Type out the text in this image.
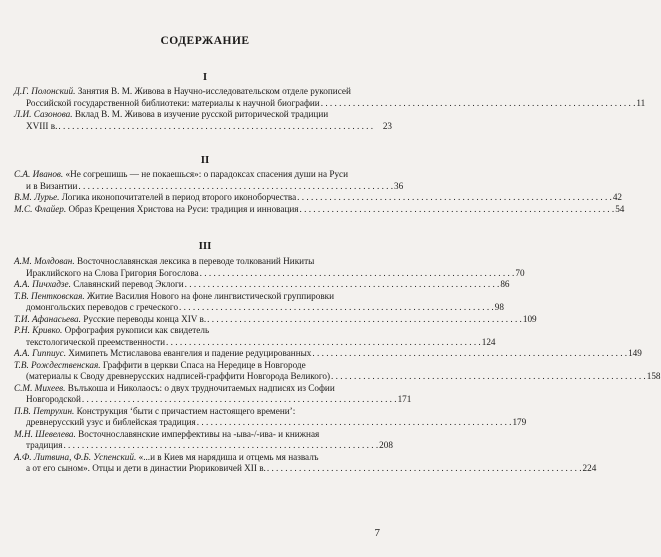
СОДЕРЖАНИЕ
I

Д.Г. Полонский. Занятия В. М. Живова в Научно-исследовательском отделе рукописей
Российской государственной библиотеки: материалы к научной биографии . . .	11

Л.И. Сазонова. Вклад В. М. Живова в изучение русской риторической традиции
XVIII в. . . .	23

II

С.А. Иванов. «Не согрешишь — не покаешься»: о парадоксах спасения души на Руси
и в Византии . . .	36

В.М. Лурье. Логика иконопочитателей в период второго иконоборчества . . .	42

М.С. Флайер. Образ Крещения Христова на Руси: традиция и инновация . . .	54

III

А.М. Молдован. Восточнославянская лексика в переводе толкований Никиты
Ираклийского на Слова Григория Богослова . . .	70

А.А. Пичхадзе. Славянский перевод Эклоги . . .	86

Т.В. Пентковская. Житие Василия Нового на фоне лингвистической группировки
домонгольских переводов с греческого . . .	98

Т.И. Афанасьева. Русские переводы конца XIV в. . . .	109

Р.Н. Кривко. Орфография рукописи как свидетель
текстологической преемственности . . .	124

А.А. Гиппиус. Химипеть Мстиславова евангелия и падение редуцированных . . .	149

Т.В. Рождественская. Граффити в церкви Спаса на Нередице в Новгороде
(материалы к Своду древнерусских надписей-граффити Новгорода Великого) . . .	158

С.М. Михеев. Вълъкоша и Николаосъ: о двух трудночитаемых надписях из Софии
Новгородской . . .	171

П.В. Петрухин. Конструкция ‘быти с причастием настоящего времени’:
древнерусский узус и библейская традиция . . .	179

М.Н. Шевелева. Восточнославянские имперфективы на -ыва-/-ива- и книжная
традиция . . .	208

А.Ф. Литвина, Ф.Б. Успенский. «...и в Киев мя нарядиша и отцемь мя назвалъ
а от его сыном». Отцы и дети в династии Рюриковичей XII в. . . .	224

7
